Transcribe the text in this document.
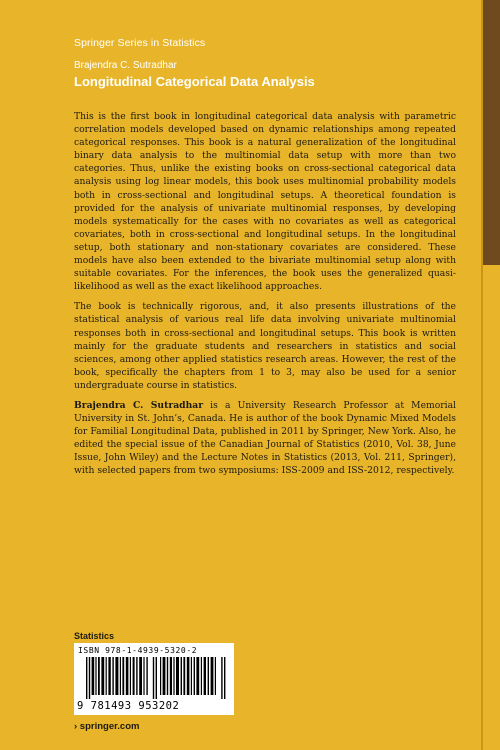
Springer Series in Statistics
Brajendra C. Sutradhar
Longitudinal Categorical Data Analysis

This is the first book in longitudinal categorical data analysis with parametric correlation models developed based on dynamic relationships among repeated categorical responses. This book is a natural generalization of the longitudinal binary data analysis to the multinomial data setup with more than two categories. Thus, unlike the existing books on cross-sectional categorical data analysis using log linear models, this book uses multinomial probability models both in cross-sectional and longitudinal setups. A theoretical foundation is provided for the analysis of univariate multinomial responses, by developing models systematically for the cases with no covariates as well as categorical covariates, both in cross-sectional and longitudinal setups. In the longitudinal setup, both stationary and non-stationary covariates are considered. These models have also been extended to the bivariate multinomial setup along with suitable covariates. For the inferences, the book uses the generalized quasi-likelihood as well as the exact likelihood approaches.

The book is technically rigorous, and, it also presents illustrations of the statistical analysis of various real life data involving univariate multinomial responses both in cross-sectional and longitudinal setups. This book is written mainly for the graduate students and researchers in statistics and social sciences, among other applied statistics research areas. However, the rest of the book, specifically the chapters from 1 to 3, may also be used for a senior undergraduate course in statistics.

Brajendra C. Sutradhar is a University Research Professor at Memorial University in St. John’s, Canada. He is author of the book Dynamic Mixed Models for Familial Longitudinal Data, published in 2011 by Springer, New York. Also, he edited the special issue of the Canadian Journal of Statistics (2010, Vol. 38, June Issue, John Wiley) and the Lecture Notes in Statistics (2013, Vol. 211, Springer), with selected papers from two symposiums: ISS-2009 and ISS-2012, respectively.

Statistics
ISBN 978-1-4939-5320-2
9 781493 953202
› springer.com
